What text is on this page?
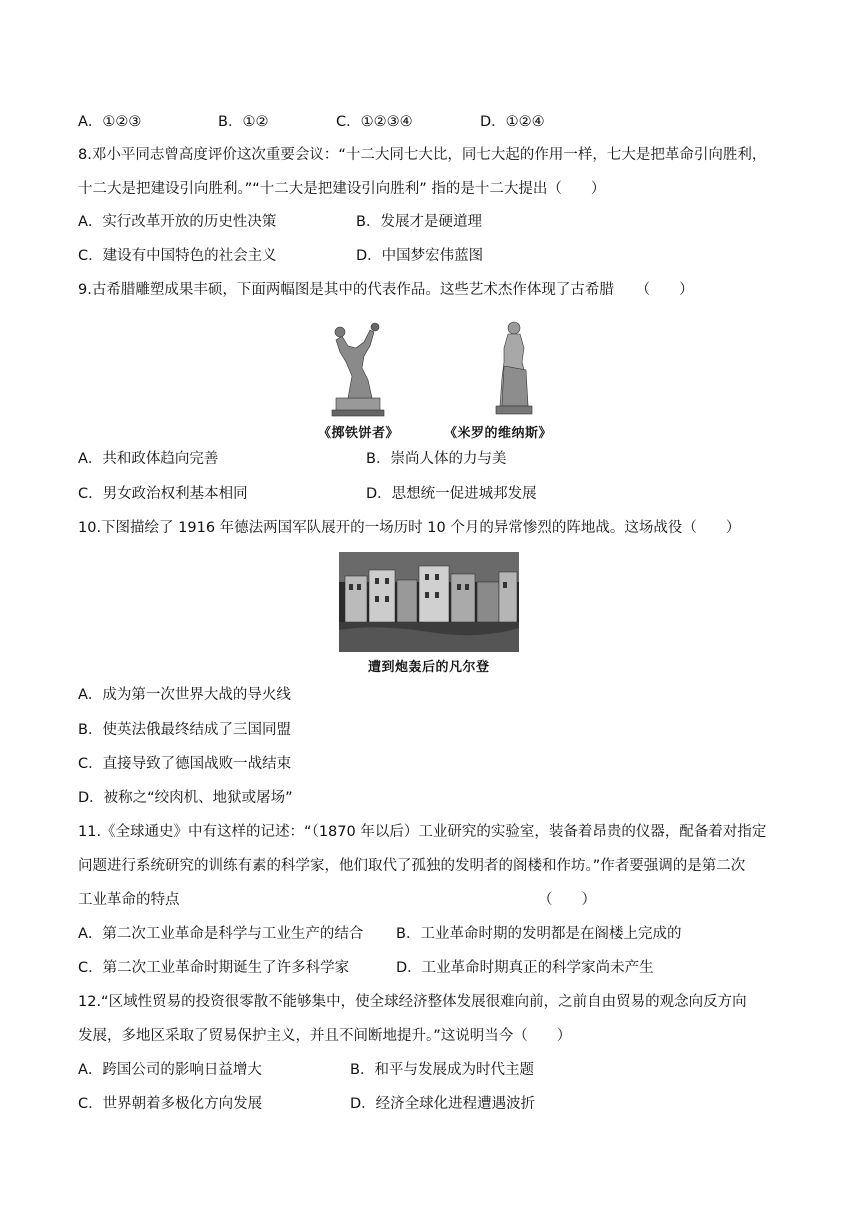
A．①②③	B．①②	C．①②③④	D．①②④
8.邓小平同志曾高度评价这次重要会议：“十二大同七大比，同七大起的作用一样，七大是把革命引向胜利，
十二大是把建设引向胜利。”“十二大是把建设引向胜利” 指的是十二大提出（　　）
A．实行改革开放的历史性决策	B．发展才是硬道理
C．建设有中国特色的社会主义	D．中国梦宏伟蓝图
9.古希腊雕塑成果丰硕，下面两幅图是其中的代表作品。这些艺术杰作体现了古希腊　　（　　）
《掷铁饼者》	《米罗的维纳斯》
A．共和政体趋向完善	B．崇尚人体的力与美
C．男女政治权利基本相同	D．思想统一促进城邦发展
10.下图描绘了 1916 年德法两国军队展开的一场历时 10 个月的异常惨烈的阵地战。这场战役（　　）
遭到炮轰后的凡尔登
A．成为第一次世界大战的导火线
B．使英法俄最终结成了三国同盟
C．直接导致了德国战败一战结束
D．被称之“绞肉机、地狱或屠场”
11.《全球通史》中有这样的记述：“（1870 年以后）工业研究的实验室，装备着昂贵的仪器，配备着对指定
问题进行系统研究的训练有素的科学家，他们取代了孤独的发明者的阁楼和作坊。”作者要强调的是第二次
工业革命的特点	（　　）
A．第二次工业革命是科学与工业生产的结合 B．工业革命时期的发明都是在阁楼上完成的
C．第二次工业革命时期诞生了许多科学家	D．工业革命时期真正的科学家尚未产生
12.“区域性贸易的投资很零散不能够集中，使全球经济整体发展很难向前，之前自由贸易的观念向反方向
发展，多地区采取了贸易保护主义，并且不间断地提升。”这说明当今（　　）
A．跨国公司的影响日益增大	B．和平与发展成为时代主题
C．世界朝着多极化方向发展	D．经济全球化进程遭遇波折
